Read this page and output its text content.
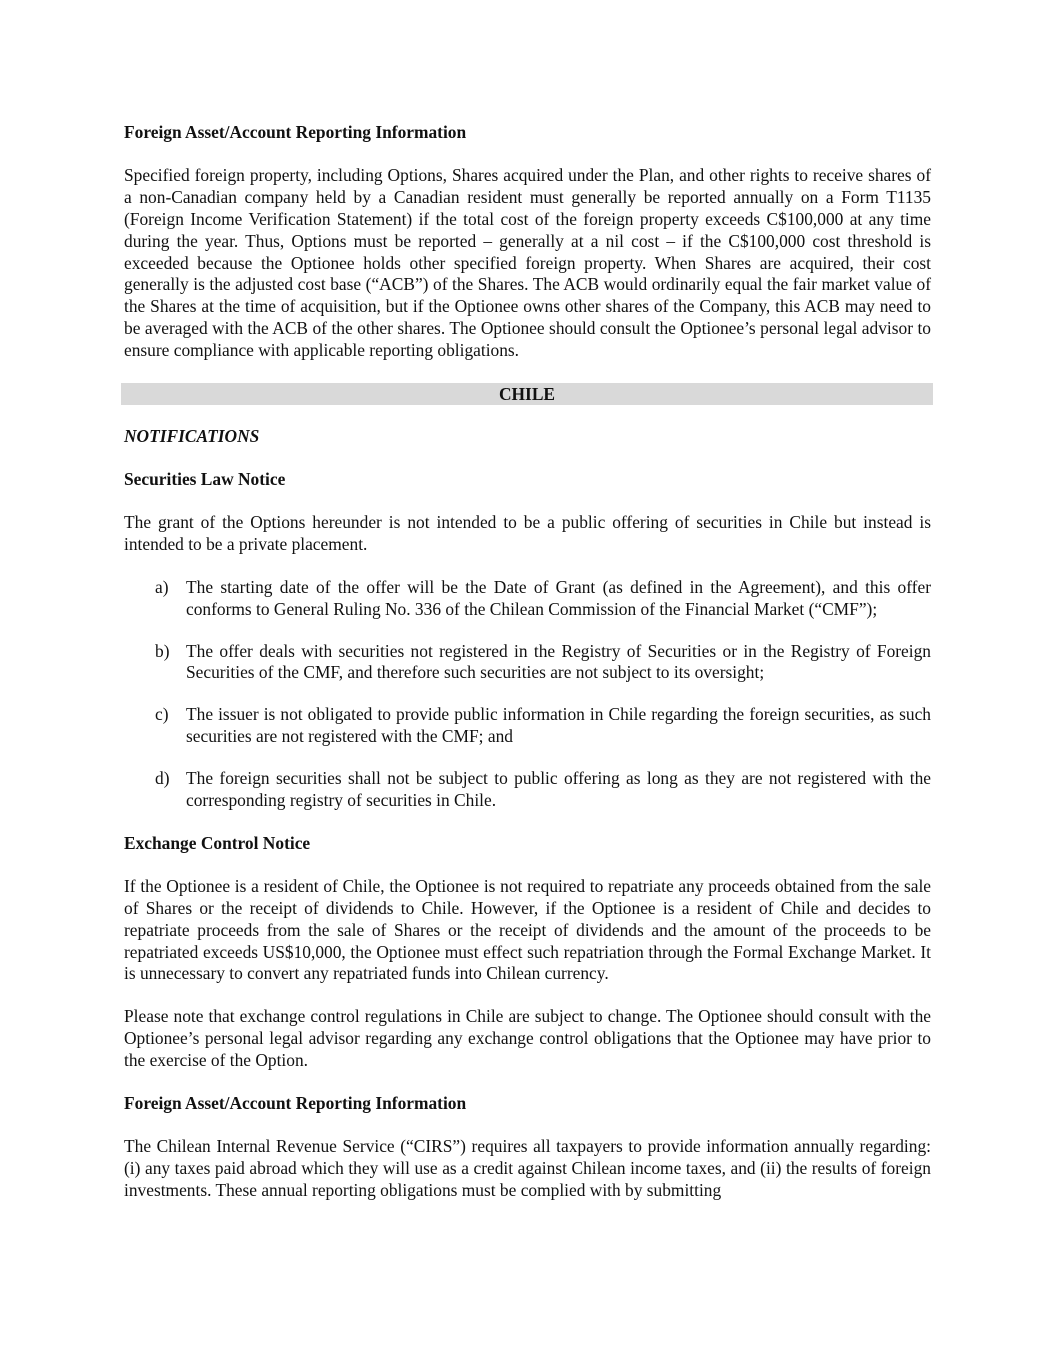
Foreign Asset/Account Reporting Information

Specified foreign property, including Options, Shares acquired under the Plan, and other rights to receive shares of a non-Canadian company held by a Canadian resident must generally be reported annually on a Form T1135 (Foreign Income Verification Statement) if the total cost of the foreign property exceeds C$100,000 at any time during the year. Thus, Options must be reported – generally at a nil cost – if the C$100,000 cost threshold is exceeded because the Optionee holds other specified foreign property. When Shares are acquired, their cost generally is the adjusted cost base (“ACB”) of the Shares. The ACB would ordinarily equal the fair market value of the Shares at the time of acquisition, but if the Optionee owns other shares of the Company, this ACB may need to be averaged with the ACB of the other shares. The Optionee should consult the Optionee’s personal legal advisor to ensure compliance with applicable reporting obligations.

CHILE

NOTIFICATIONS

Securities Law Notice

The grant of the Options hereunder is not intended to be a public offering of securities in Chile but instead is intended to be a private placement.

a)	The starting date of the offer will be the Date of Grant (as defined in the Agreement), and this offer conforms to General Ruling No. 336 of the Chilean Commission of the Financial Market (“CMF”);
b) The offer deals with securities not registered in the Registry of Securities or in the Registry of Foreign Securities of the CMF, and therefore such securities are not subject to its oversight;
c)	The issuer is not obligated to provide public information in Chile regarding the foreign securities, as such securities are not registered with the CMF; and
d) The foreign securities shall not be subject to public offering as long as they are not registered with the corresponding registry of securities in Chile.

Exchange Control Notice

If the Optionee is a resident of Chile, the Optionee is not required to repatriate any proceeds obtained from the sale of Shares or the receipt of dividends to Chile. However, if the Optionee is a resident of Chile and decides to repatriate proceeds from the sale of Shares or the receipt of dividends and the amount of the proceeds to be repatriated exceeds US$10,000, the Optionee must effect such repatriation through the Formal Exchange Market. It is unnecessary to convert any repatriated funds into Chilean currency.

Please note that exchange control regulations in Chile are subject to change. The Optionee should consult with the Optionee’s personal legal advisor regarding any exchange control obligations that the Optionee may have prior to the exercise of the Option.

Foreign Asset/Account Reporting Information

The Chilean Internal Revenue Service (“CIRS”) requires all taxpayers to provide information annually regarding: (i) any taxes paid abroad which they will use as a credit against Chilean income taxes, and (ii) the results of foreign investments. These annual reporting obligations must be complied with by submitting
